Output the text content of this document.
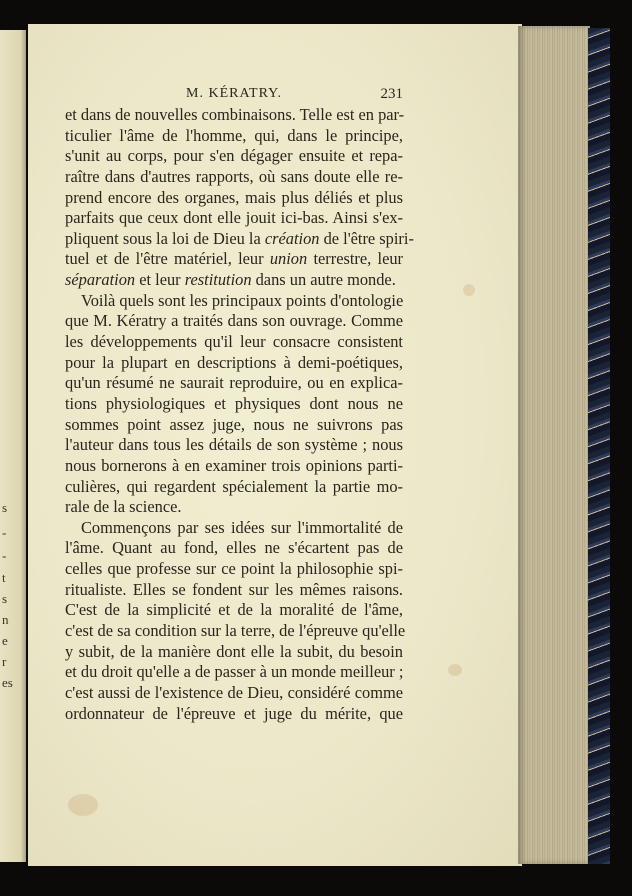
s
-
-
t
s
n
e
r
es
M. KÉRATRY.	231
et dans de nouvelles combinaisons. Telle est en par-
ticulier l'âme de l'homme, qui, dans le principe,
s'unit au corps, pour s'en dégager ensuite et repa-
raître dans d'autres rapports, où sans doute elle re-
prend encore des organes, mais plus déliés et plus
parfaits que ceux dont elle jouit ici-bas. Ainsi s'ex-
pliquent sous la loi de Dieu la création de l'être spiri-
tuel et de l'être matériel, leur union terrestre, leur
séparation et leur restitution dans un autre monde.
Voilà quels sont les principaux points d'ontologie
que M. Kératry a traités dans son ouvrage. Comme
les développements qu'il leur consacre consistent
pour la plupart en descriptions à demi-poétiques,
qu'un résumé ne saurait reproduire, ou en explica-
tions physiologiques et physiques dont nous ne
sommes point assez juge, nous ne suivrons pas
l'auteur dans tous les détails de son système ; nous
nous bornerons à en examiner trois opinions parti-
culières, qui regardent spécialement la partie mo-
rale de la science.
Commençons par ses idées sur l'immortalité de
l'âme. Quant au fond, elles ne s'écartent pas de
celles que professe sur ce point la philosophie spi-
ritualiste. Elles se fondent sur les mêmes raisons.
C'est de la simplicité et de la moralité de l'âme,
c'est de sa condition sur la terre, de l'épreuve qu'elle
y subit, de la manière dont elle la subit, du besoin
et du droit qu'elle a de passer à un monde meilleur ;
c'est aussi de l'existence de Dieu, considéré comme
ordonnateur de l'épreuve et juge du mérite, que
